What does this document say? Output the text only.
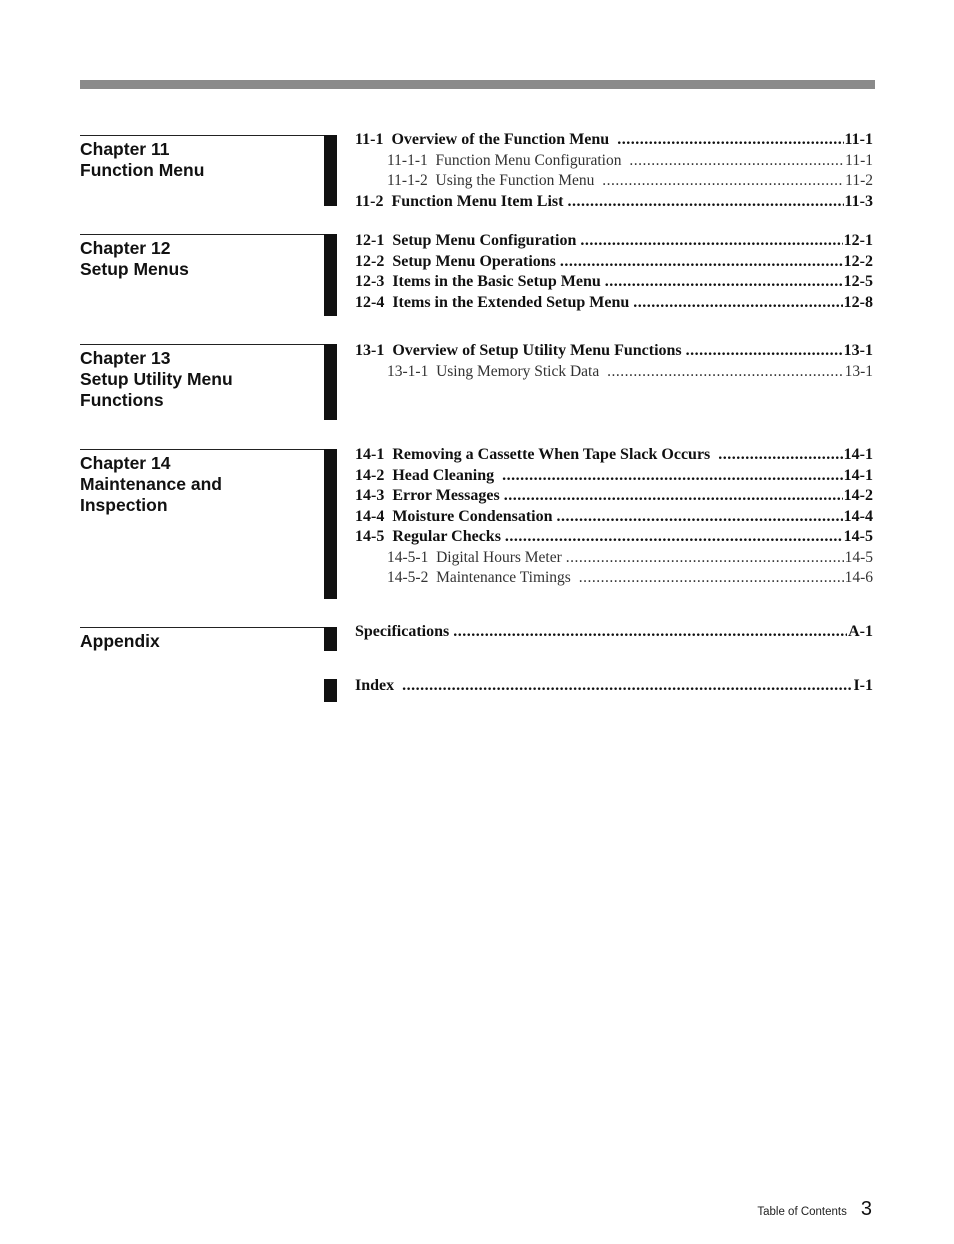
Chapter 11
Function Menu
11-1  Overview of the Function Menu .....	11-1
11-1-1  Function Menu Configuration .....	11-1
11-1-2  Using the Function Menu .....	11-2
11-2  Function Menu Item List .....	11-3
Chapter 12
Setup Menus
12-1  Setup Menu Configuration .....	12-1
12-2  Setup Menu Operations .....	12-2
12-3  Items in the Basic Setup Menu .....	12-5
12-4  Items in the Extended Setup Menu .....	12-8
Chapter 13
Setup Utility Menu
Functions
13-1  Overview of Setup Utility Menu Functions .....	13-1
13-1-1  Using Memory Stick Data .....	13-1
Chapter 14
Maintenance and
Inspection
14-1  Removing a Cassette When Tape Slack Occurs .....	14-1
14-2  Head Cleaning .....	14-1
14-3  Error Messages .....	14-2
14-4  Moisture Condensation .....	14-4
14-5  Regular Checks .....	14-5
14-5-1  Digital Hours Meter .....	14-5
14-5-2  Maintenance Timings .....	14-6
Appendix	Specifications .....	A-1
Index .....	I-1
Table of Contents 3
